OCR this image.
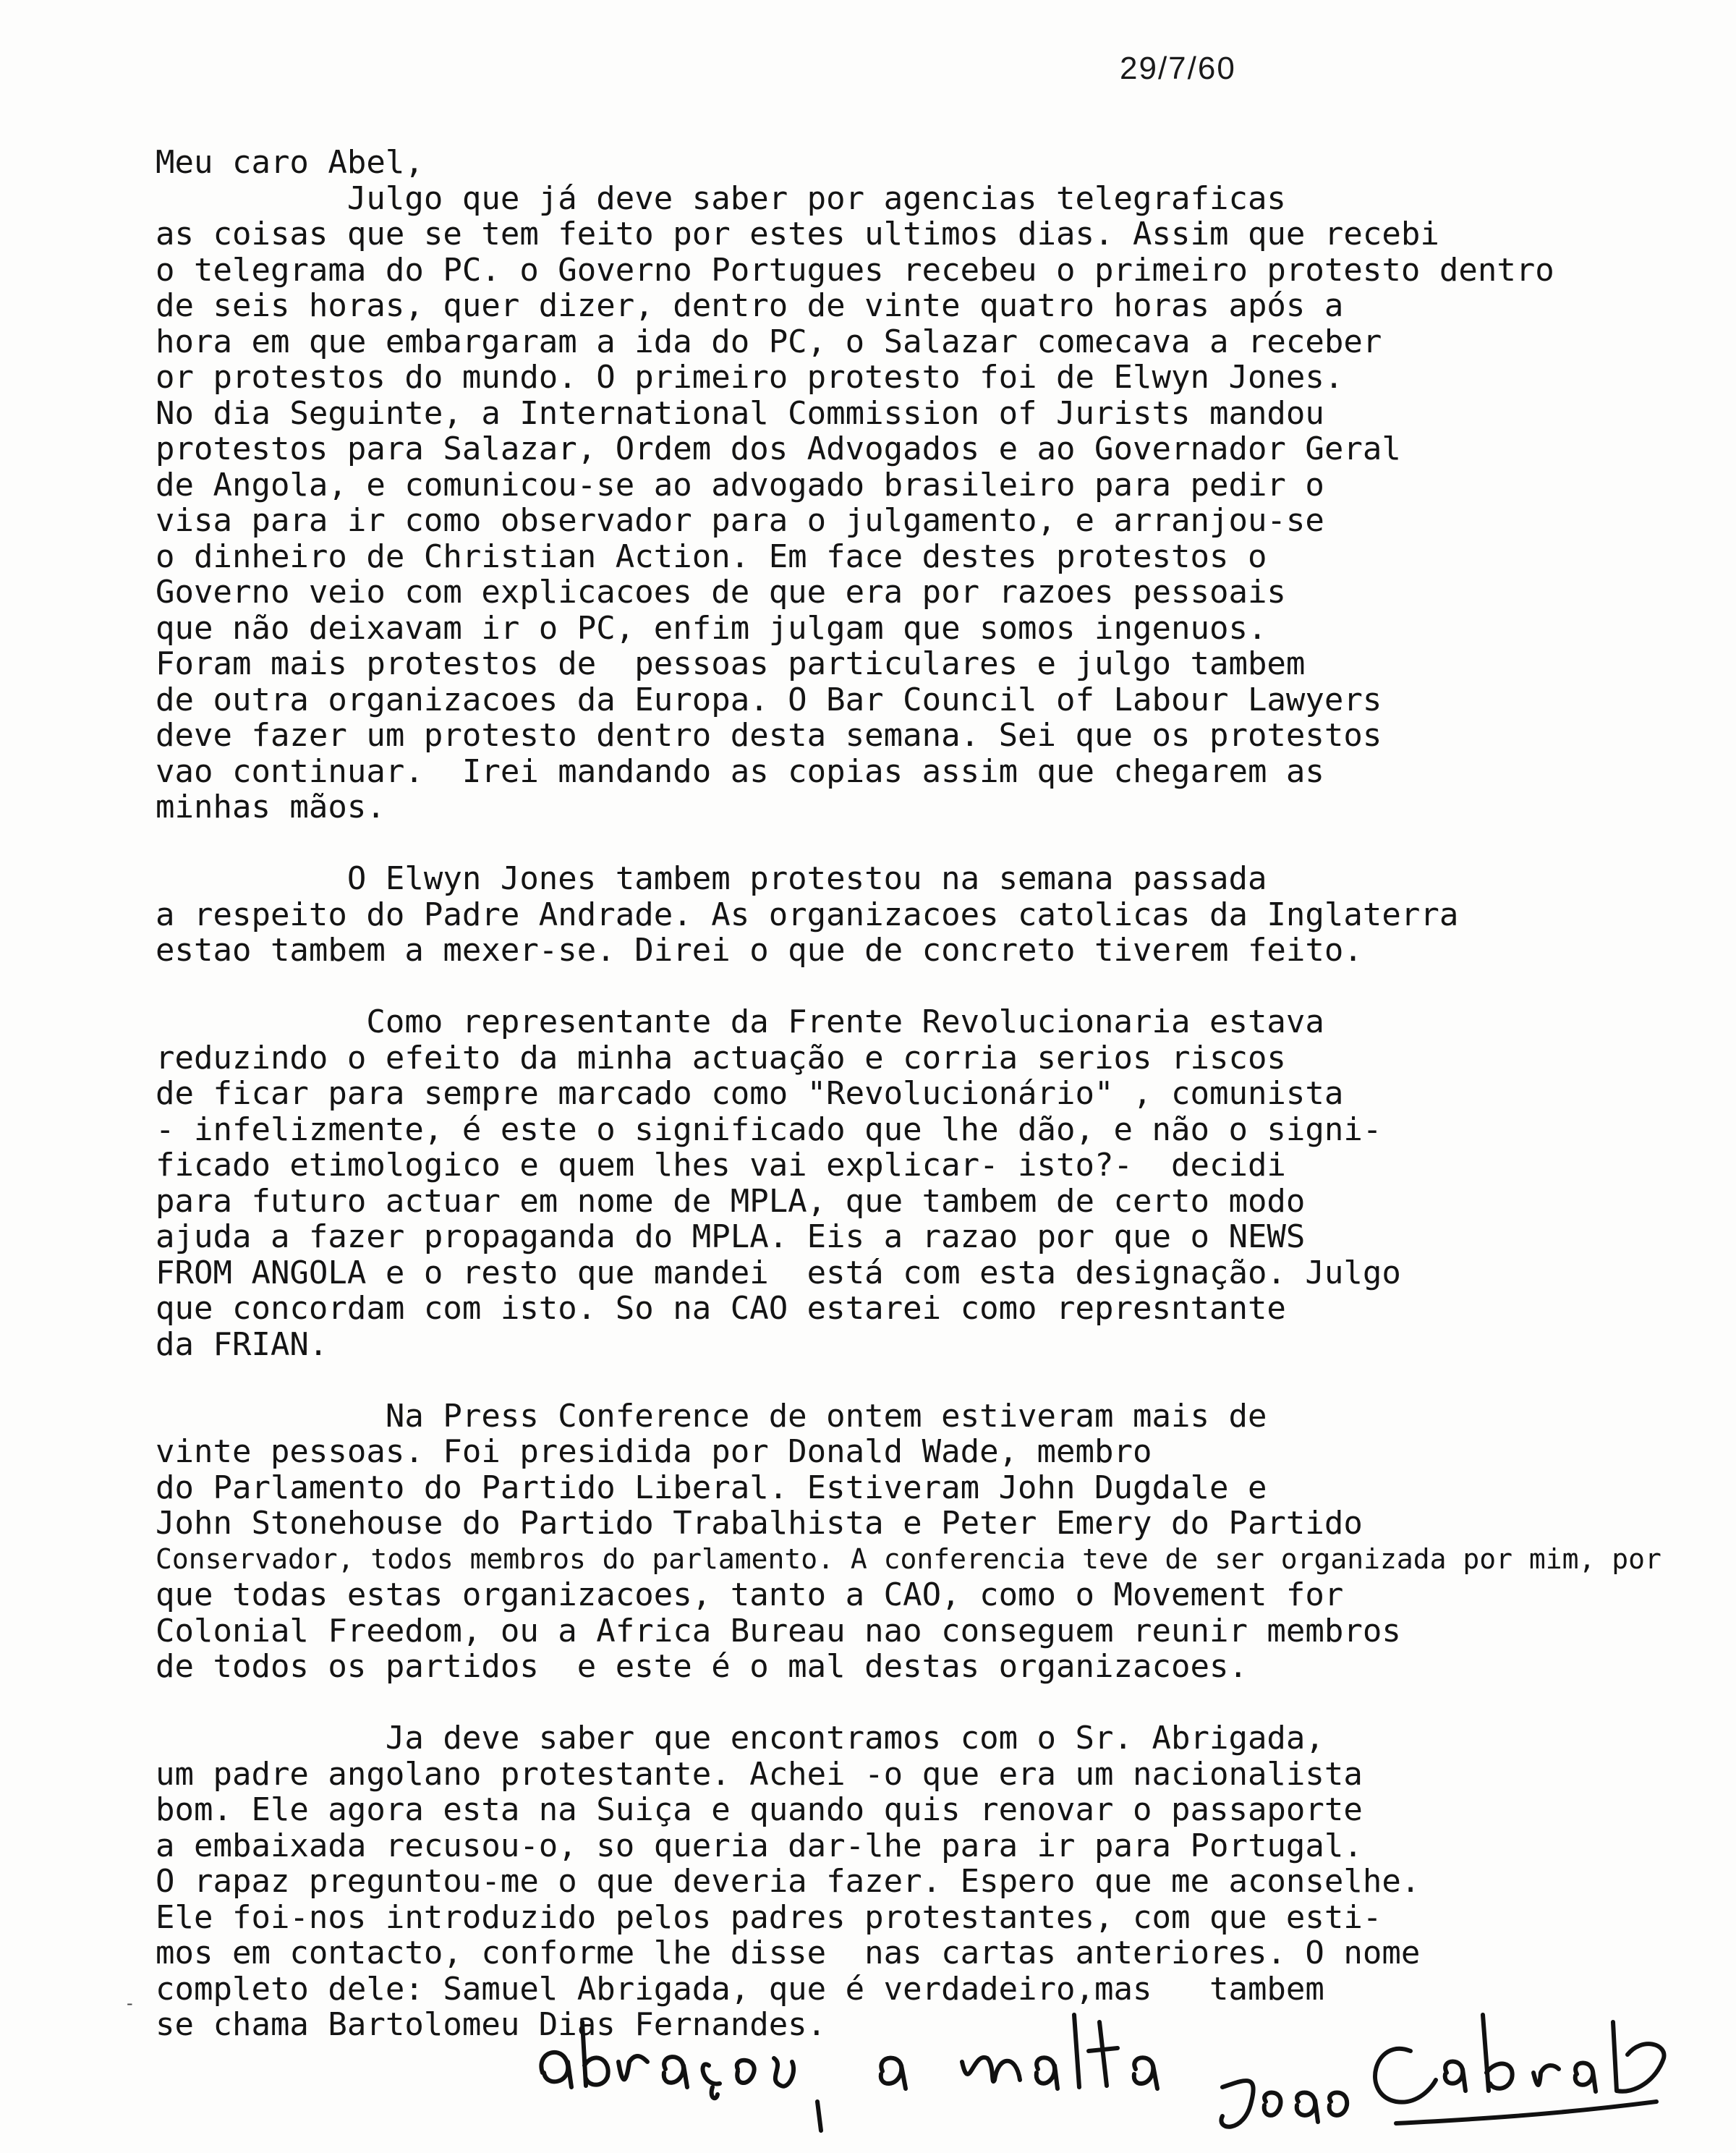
29/7/60
Meu caro Abel,
Julgo que já deve saber por agencias telegraficas
as coisas que se tem feito por estes ultimos dias. Assim que recebi
o telegrama do PC. o Governo Portugues recebeu o primeiro protesto dentro
de seis horas, quer dizer, dentro de vinte quatro horas após a
hora em que embargaram a ida do PC, o Salazar comecava a receber
or protestos do mundo. O primeiro protesto foi de Elwyn Jones.
No dia Seguinte, a International Commission of Jurists mandou
protestos para Salazar, Ordem dos Advogados e ao Governador Geral
de Angola, e comunicou-se ao advogado brasileiro para pedir o
visa para ir como observador para o julgamento, e arranjou-se
o dinheiro de Christian Action. Em face destes protestos o
Governo veio com explicacoes de que era por razoes pessoais
que não deixavam ir o PC, enfim julgam que somos ingenuos.
Foram mais protestos de  pessoas particulares e julgo tambem
de outra organizacoes da Europa. O Bar Council of Labour Lawyers
deve fazer um protesto dentro desta semana. Sei que os protestos
vao continuar.  Irei mandando as copias assim que chegarem as
minhas mãos.
O Elwyn Jones tambem protestou na semana passada
a respeito do Padre Andrade. As organizacoes catolicas da Inglaterra
estao tambem a mexer-se. Direi o que de concreto tiverem feito.
Como representante da Frente Revolucionaria estava
reduzindo o efeito da minha actuação e corria serios riscos
de ficar para sempre marcado como "Revolucionário" , comunista
- infelizmente, é este o significado que lhe dão, e não o signi-
ficado etimologico e quem lhes vai explicar- isto?-  decidi
para futuro actuar em nome de MPLA, que tambem de certo modo
ajuda a fazer propaganda do MPLA. Eis a razao por que o NEWS
FROM ANGOLA e o resto que mandei  está com esta designação. Julgo
que concordam com isto. So na CAO estarei como represntante
da FRIAN.
Na Press Conference de ontem estiveram mais de
vinte pessoas. Foi presidida por Donald Wade, membro
do Parlamento do Partido Liberal. Estiveram John Dugdale e
John Stonehouse do Partido Trabalhista e Peter Emery do Partido
Conservador, todos membros do parlamento. A conferencia teve de ser organizada por mim, por
que todas estas organizacoes, tanto a CAO, como o Movement for
Colonial Freedom, ou a Africa Bureau nao conseguem reunir membros
de todos os partidos  e este é o mal destas organizacoes.
Ja deve saber que encontramos com o Sr. Abrigada,
um padre angolano protestante. Achei -o que era um nacionalista
bom. Ele agora esta na Suiça e quando quis renovar o passaporte
a embaixada recusou-o, so queria dar-lhe para ir para Portugal.
O rapaz preguntou-me o que deveria fazer. Espero que me aconselhe.
Ele foi-nos introduzido pelos padres protestantes, com que esti-
mos em contacto, conforme lhe disse  nas cartas anteriores. O nome
completo dele: Samuel Abrigada, que é verdadeiro,mas   tambem
se chama Bartolomeu Dias Fernandes.
-
